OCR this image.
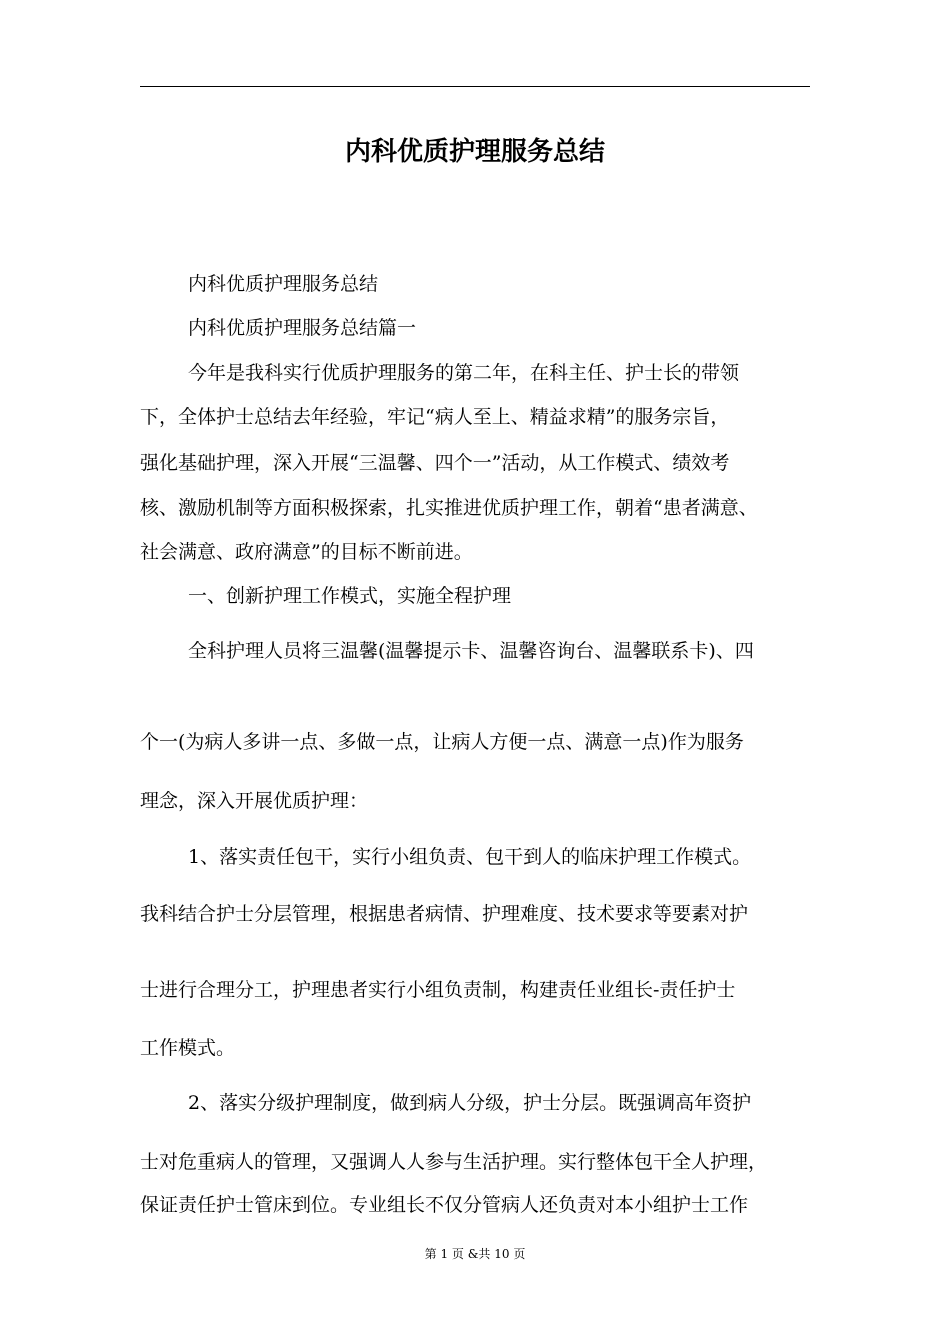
内科优质护理服务总结

内科优质护理服务总结

内科优质护理服务总结篇一

今年是我科实行优质护理服务的第二年，在科主任、护士长的带领

下，全体护士总结去年经验，牢记“病人至上、精益求精”的服务宗旨，

强化基础护理，深入开展“三温馨、四个一”活动，从工作模式、绩效考

核、激励机制等方面积极探索，扎实推进优质护理工作，朝着“患者满意、

社会满意、政府满意”的目标不断前进。

一、创新护理工作模式，实施全程护理

全科护理人员将三温馨(温馨提示卡、温馨咨询台、温馨联系卡)、四

个一(为病人多讲一点、多做一点，让病人方便一点、满意一点)作为服务

理念，深入开展优质护理：

1、落实责任包干，实行小组负责、包干到人的临床护理工作模式。

我科结合护士分层管理，根据患者病情、护理难度、技术要求等要素对护

士进行合理分工，护理患者实行小组负责制，构建责任业组长-责任护士

工作模式。

2、落实分级护理制度，做到病人分级，护士分层。既强调高年资护

士对危重病人的管理，又强调人人参与生活护理。实行整体包干全人护理，

保证责任护士管床到位。专业组长不仅分管病人还负责对本小组护士工作

第 1 页 &共 10 页
